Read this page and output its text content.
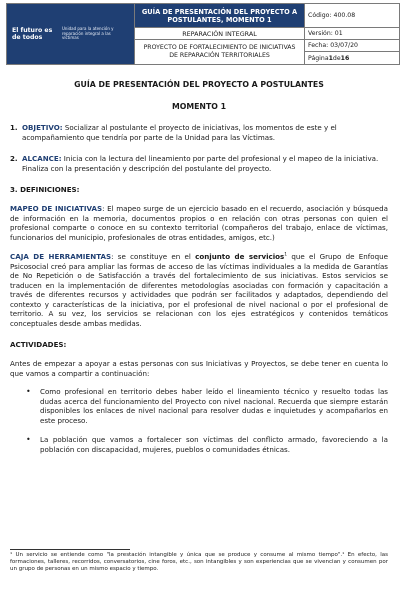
El futuro es de todos
Unidad para la atención y reparación integral a las víctimas
GUÍA DE PRESENTACIÓN DEL PROYECTO A POSTULANTES, MOMENTO 1
REPARACIÓN INTEGRAL
PROYECTO DE FORTALECIMIENTO DE INICIATIVAS DE REPARACIÓN TERRITORIALES
Código: 400.08
Versión: 01
Fecha: 03/07/20
Página 1 de 16
GUÍA DE PRESENTACIÓN DEL PROYECTO A POSTULANTES
MOMENTO 1
1. OBJETIVO: Socializar al postulante el proyecto de iniciativas, los momentos de este y el acompañamiento que tendría por parte de la Unidad para las Víctimas.
2. ALCANCE: Inicia con la lectura del lineamiento por parte del profesional y el mapeo de la iniciativa. Finaliza con la presentación y descripción del postulante del proyecto.
3. DEFINICIONES:

MAPEO DE INICIATIVAS: El mapeo surge de un ejercicio basado en el recuerdo, asociación y búsqueda de información en la memoria, documentos propios o en relación con otras personas con quien el profesional comparte o conoce en su contexto territorial (compañeros del trabajo, enlace de víctimas, funcionarios del municipio, profesionales de otras entidades, amigos, etc.)

CAJA DE HERRAMIENTAS: se constituye en el conjunto de servicios$^1$ que el Grupo de Enfoque Psicosocial creó para ampliar las formas de acceso de las víctimas individuales a la medida de Garantías de No Repetición o de Satisfacción a través del fortalecimiento de sus iniciativas. Estos servicios se traducen en la implementación de diferentes metodologías asociadas con formación y capacitación a través de diferentes recursos y actividades que podrán ser facilitados y adaptados, dependiendo del contexto y características de la iniciativa, por el profesional de nivel nacional o por el profesional de territorio. A su vez, los servicios se relacionan con los ejes estratégicos y contenidos temáticos conceptuales desde ambas medidas.

ACTIVIDADES:

Antes de empezar a apoyar a estas personas con sus Iniciativas y Proyectos, se debe tener en cuenta lo que vamos a compartir a continuación:

•	Como profesional en territorio debes haber leído el lineamiento técnico y resuelto todas las dudas acerca del funcionamiento del Proyecto con nivel nacional. Recuerda que siempre estarán disponibles los enlaces de nivel nacional para resolver dudas e inquietudes y acompañarlos en este proceso.
•	La población que vamos a fortalecer son víctimas del conflicto armado, favoreciendo a la población con discapacidad, mujeres, pueblos o comunidades étnicas.
¹ Un servicio se entiende como "la prestación intangible y única que se produce y consume al mismo tiempo".¹ En efecto, las formaciones, talleres, recorridos, conversatorios, cine foros, etc., son intangibles y son experiencias que se vivencian y consumen por un grupo de personas en un mismo espacio y tiempo.
